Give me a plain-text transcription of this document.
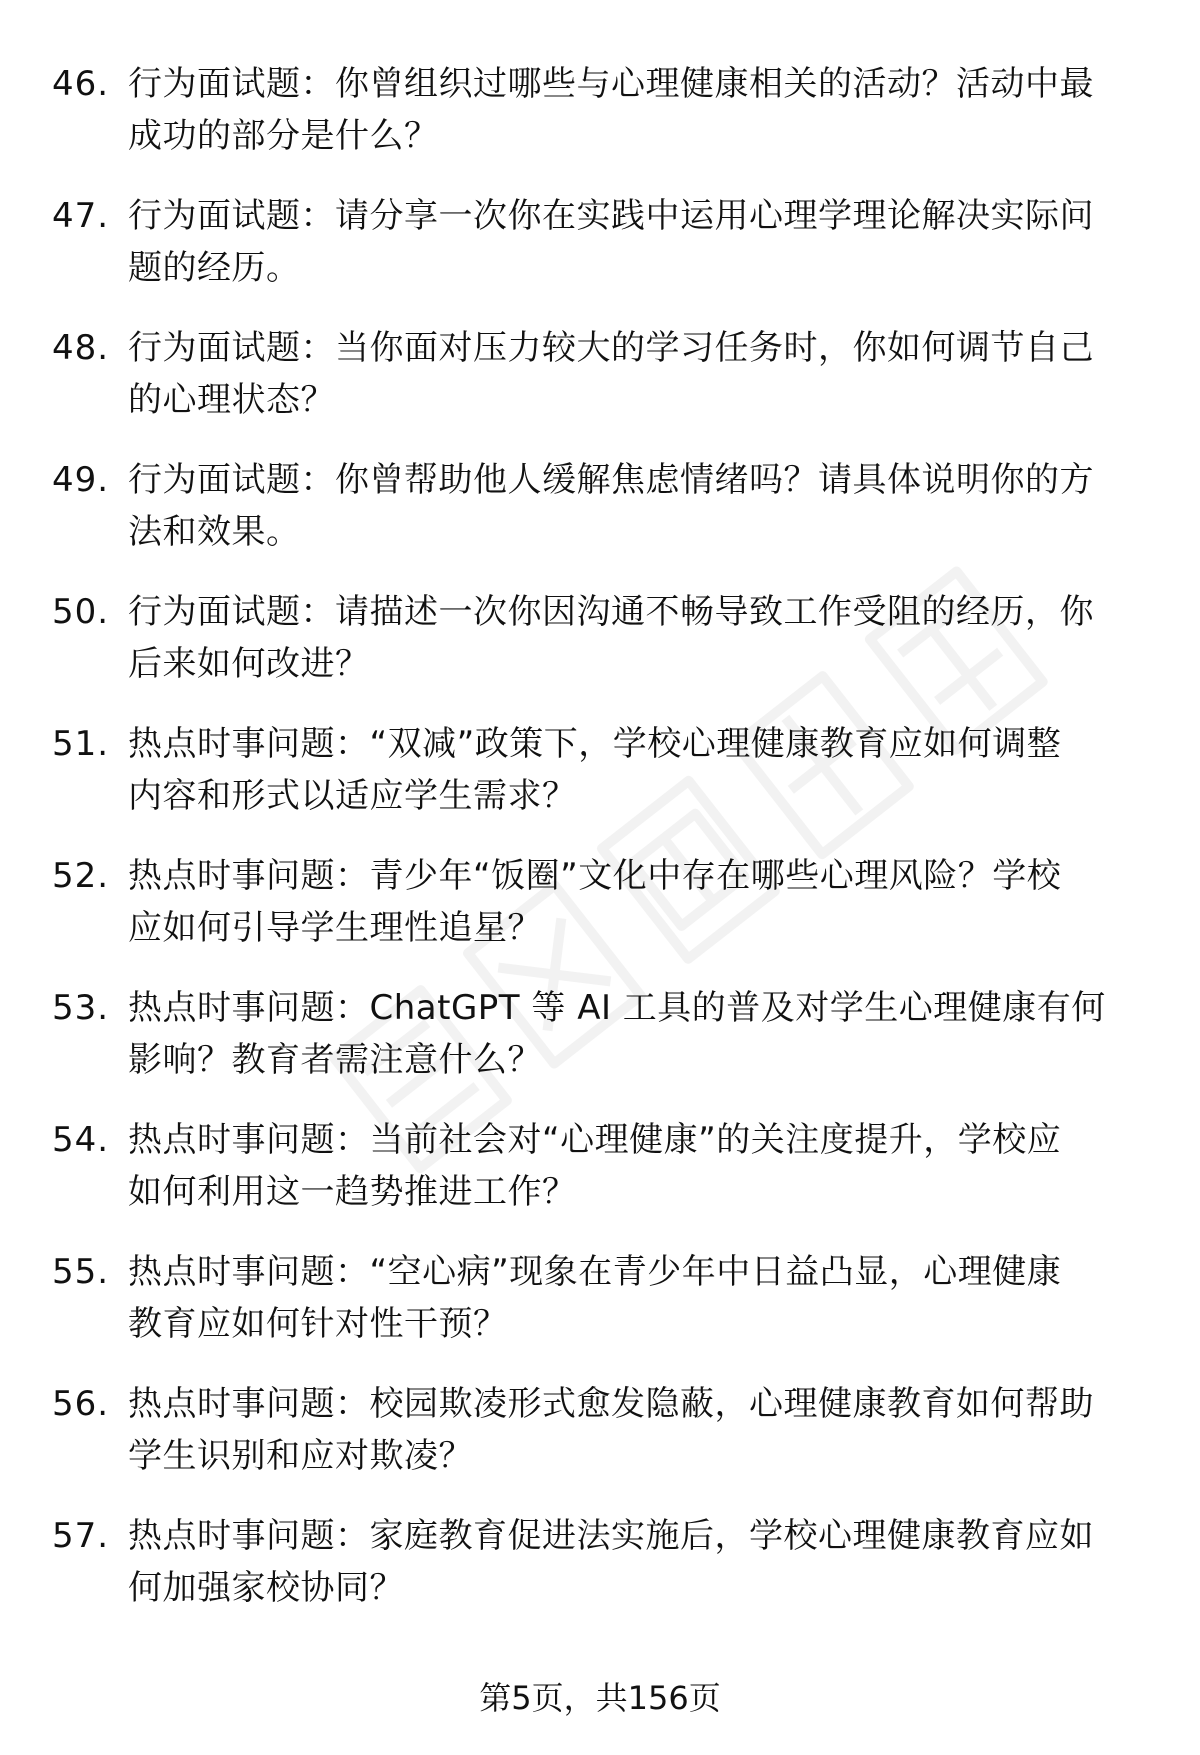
46. 行为面试题：你曾组织过哪些与心理健康相关的活动？活动中最
成功的部分是什么？
47. 行为面试题：请分享一次你在实践中运用心理学理论解决实际问
题的经历。
48. 行为面试题：当你面对压力较大的学习任务时，你如何调节自己
的心理状态？
49. 行为面试题：你曾帮助他人缓解焦虑情绪吗？请具体说明你的方
法和效果。
50. 行为面试题：请描述一次你因沟通不畅导致工作受阻的经历，你
后来如何改进？
51. 热点时事问题：“双减”政策下，学校心理健康教育应如何调整
内容和形式以适应学生需求？
52. 热点时事问题：青少年“饭圈”文化中存在哪些心理风险？学校
应如何引导学生理性追星？
53. 热点时事问题：ChatGPT 等 AI 工具的普及对学生心理健康有何
影响？教育者需注意什么？
54. 热点时事问题：当前社会对“心理健康”的关注度提升，学校应
如何利用这一趋势推进工作？
55. 热点时事问题：“空心病”现象在青少年中日益凸显，心理健康
教育应如何针对性干预？
56. 热点时事问题：校园欺凌形式愈发隐蔽，心理健康教育如何帮助
学生识别和应对欺凌？
57. 热点时事问题：家庭教育促进法实施后，学校心理健康教育应如
何加强家校协同？
第5页，共156页
